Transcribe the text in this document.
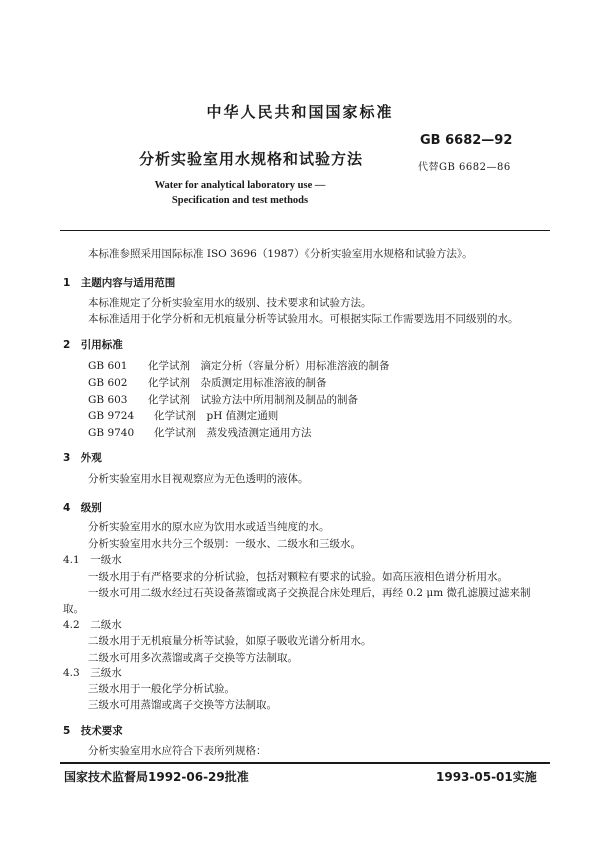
中华人民共和国国家标准
GB 6682—92
分析实验室用水规格和试验方法	代替GB 6682—86
Water for analytical laboratory use —
Specification and test methods
本标准参照采用国际标准 ISO 3696（1987）《分析实验室用水规格和试验方法》。
1　主题内容与适用范围
本标准规定了分析实验室用水的级别、技术要求和试验方法。
本标准适用于化学分析和无机痕量分析等试验用水。可根据实际工作需要选用不同级别的水。
2　引用标准
GB 601 化学试剂　滴定分析（容量分析）用标准溶液的制备
GB 602 化学试剂　杂质测定用标准溶液的制备
GB 603 化学试剂　试验方法中所用制剂及制品的制备
GB 9724 化学试剂　pH 值测定通则
GB 9740 化学试剂　蒸发残渣测定通用方法
3　外观
分析实验室用水目视观察应为无色透明的液体。
4　级别
分析实验室用水的原水应为饮用水或适当纯度的水。
分析实验室用水共分三个级别：一级水、二级水和三级水。
4.1　一级水
一级水用于有严格要求的分析试验，包括对颗粒有要求的试验。如高压液相色谱分析用水。
一级水可用二级水经过石英设备蒸馏或离子交换混合床处理后，再经 0.2 μm 微孔滤膜过滤来制
取。
4.2　二级水
二级水用于无机痕量分析等试验，如原子吸收光谱分析用水。
二级水可用多次蒸馏或离子交换等方法制取。
4.3　三级水
三级水用于一般化学分析试验。
三级水可用蒸馏或离子交换等方法制取。
5　技术要求
分析实验室用水应符合下表所列规格：
国家技术监督局1992-06-29批准	1993-05-01实施
